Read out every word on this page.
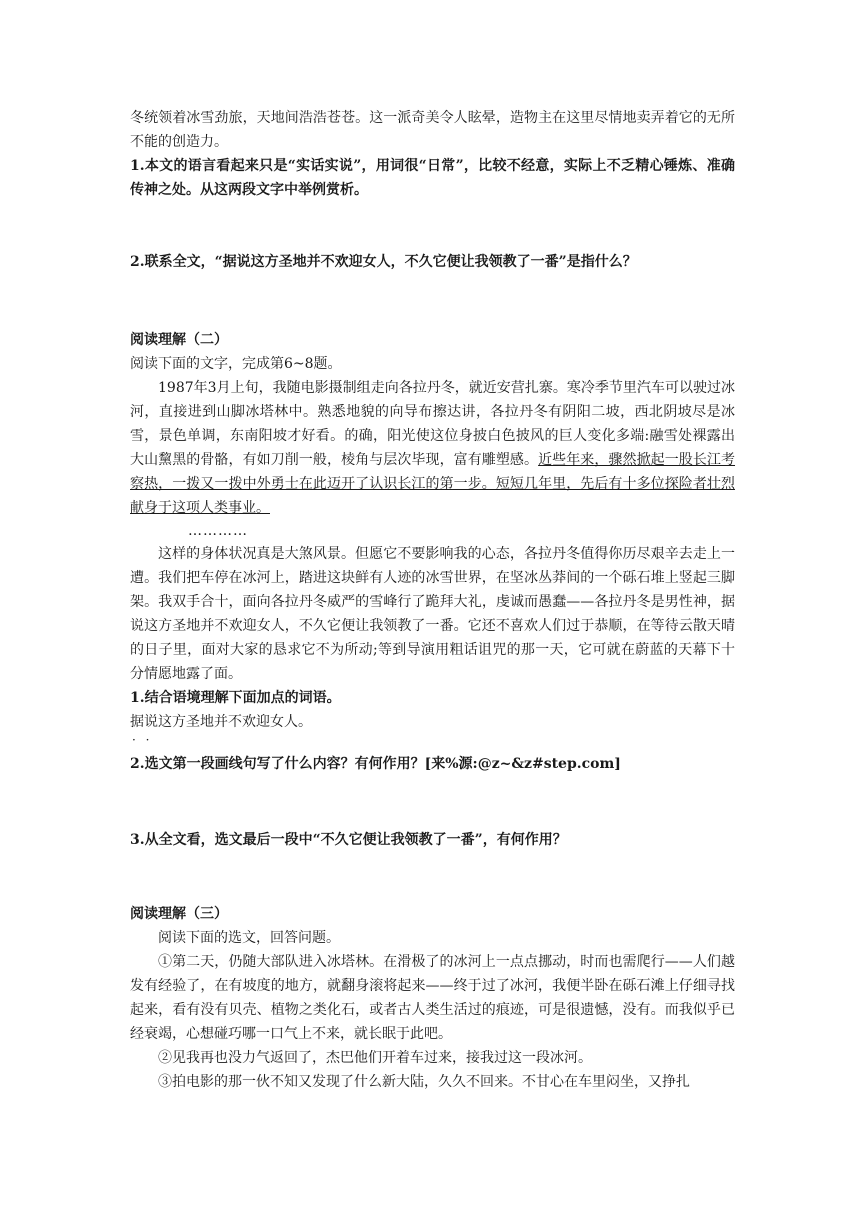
冬统领着冰雪劲旅，天地间浩浩苍苍。这一派奇美令人眩晕，造物主在这里尽情地卖弄着它的无所不能的创造力。

1.本文的语言看起来只是“实话实说”，用词很“日常”，比较不经意，实际上不乏精心锤炼、准确传神之处。从这两段文字中举例赏析。

2.联系全文，“据说这方圣地并不欢迎女人，不久它便让我领教了一番”是指什么？

阅读理解（二）

阅读下面的文字，完成第6~8题。

1987年3月上旬，我随电影摄制组走向各拉丹冬，就近安营扎寨。寒冷季节里汽车可以驶过冰河，直接进到山脚冰塔林中。熟悉地貌的向导布擦达讲，各拉丹冬有阴阳二坡，西北阴坡尽是冰雪，景色单调，东南阳坡才好看。的确，阳光使这位身披白色披风的巨人变化多端:融雪处裸露出大山黧黑的骨骼，有如刀削一般，棱角与层次毕现，富有雕塑感。近些年来，骤然掀起一股长江考察热，一拨又一拨中外勇士在此迈开了认识长江的第一步。短短几年里，先后有十多位探险者壮烈献身于这项人类事业。

…………

这样的身体状况真是大煞风景。但愿它不要影响我的心态，各拉丹冬值得你历尽艰辛去走上一遭。我们把车停在冰河上，踏进这块鲜有人迹的冰雪世界，在坚冰丛莽间的一个砾石堆上竖起三脚架。我双手合十，面向各拉丹冬威严的雪峰行了跪拜大礼，虔诚而愚蠢——各拉丹冬是男性神，据说这方圣地并不欢迎女人，不久它便让我领教了一番。它还不喜欢人们过于恭顺，在等待云散天晴的日子里，面对大家的恳求它不为所动;等到导演用粗话诅咒的那一天，它可就在蔚蓝的天幕下十分情愿地露了面。

1.结合语境理解下面加点的词语。

据说这方圣地并不欢迎女人。 · ·

2.选文第一段画线句写了什么内容？有何作用？[来%源:@z~&z#step.com]

3.从全文看，选文最后一段中“不久它便让我领教了一番”，有何作用？

阅读理解（三）

阅读下面的选文，回答问题。

①第二天，仍随大部队进入冰塔林。在滑极了的冰河上一点点挪动，时而也需爬行——人们越发有经验了，在有坡度的地方，就翻身滚将起来——终于过了冰河，我便半卧在砾石滩上仔细寻找起来，看有没有贝壳、植物之类化石，或者古人类生活过的痕迹，可是很遗憾，没有。而我似乎已经衰竭，心想碰巧哪一口气上不来，就长眠于此吧。

②见我再也没力气返回了，杰巴他们开着车过来，接我过这一段冰河。

③拍电影的那一伙不知又发现了什么新大陆，久久不回来。不甘心在车里闷坐，又挣扎
